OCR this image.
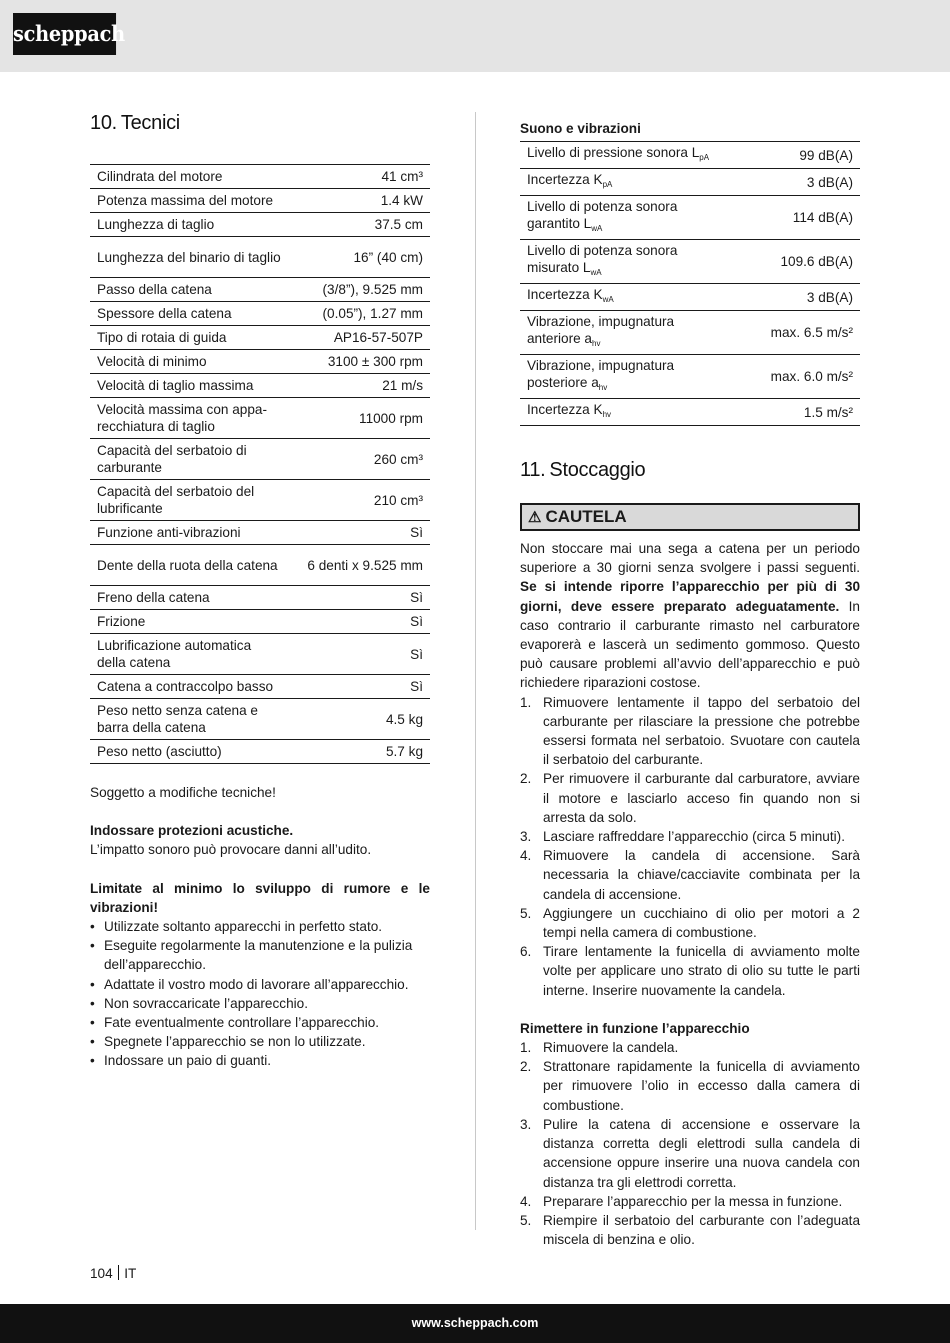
scheppach
10. Tecnici
Cilindrata del motore	41 cm³
Potenza massima del motore	1.4 kW
Lunghezza di taglio	37.5 cm
Lunghezza del binario di taglio	16” (40 cm)
Passo della catena	(3/8”), 9.525 mm
Spessore della catena	(0.05”), 1.27 mm
Tipo di rotaia di guida	AP16-57-507P
Velocità di minimo	3100 ± 300 rpm
Velocità di taglio massima	21 m/s
Velocità massima con appa-recchiatura di taglio	11000 rpm
Capacità del serbatoio di carburante	260 cm³
Capacità del serbatoio del lubrificante	210 cm³
Funzione anti-vibrazioni	Sì
Dente della ruota della catena	6 denti x 9.525 mm
Freno della catena	Sì
Frizione	Sì
Lubrificazione automatica della catena	Sì
Catena a contraccolpo basso	Sì
Peso netto senza catena e barra della catena	4.5 kg
Peso netto (asciutto)	5.7 kg
Soggetto a modifiche tecniche!
Indossare protezioni acustiche.
L’impatto sonoro può provocare danni all’udito.
Limitate al minimo lo sviluppo di rumore e le vibrazioni!
• Utilizzate soltanto apparecchi in perfetto stato.
• Eseguite regolarmente la manutenzione e la pulizia dell’apparecchio.
• Adattate il vostro modo di lavorare all’apparecchio.
• Non sovraccaricate l’apparecchio.
• Fate eventualmente controllare l’apparecchio.
• Spegnete l’apparecchio se non lo utilizzate.
• Indossare un paio di guanti.
Suono e vibrazioni
Livello di pressione sonora $L_{pA}$	99 dB(A)
Incertezza $K_{pA}$	3 dB(A)
Livello di potenza sonora garantito $L_{wA}$	114 dB(A)
Livello di potenza sonora misurato $L_{wA}$	109.6 dB(A)
Incertezza $K_{wA}$	3 dB(A)
Vibrazione, impugnatura anteriore $a_{hv}$	max. 6.5 m/s²
Vibrazione, impugnatura posteriore $a_{hv}$	max. 6.0 m/s²
Incertezza $K_{hv}$	1.5 m/s²
11. Stoccaggio
⚠ CAUTELA
Non stoccare mai una sega a catena per un periodo superiore a 30 giorni senza svolgere i passi seguenti. Se si intende riporre l’apparecchio per più di 30 giorni, deve essere preparato adeguatamente. In caso contrario il carburante rimasto nel carburatore evaporerà e lascerà un sedimento gommoso. Questo può causare problemi all’avvio dell’apparecchio e può richiedere riparazioni costose.
1. Rimuovere lentamente il tappo del serbatoio del carburante per rilasciare la pressione che potrebbe essersi formata nel serbatoio. Svuotare con cautela il serbatoio del carburante.
2. Per rimuovere il carburante dal carburatore, avviare il motore e lasciarlo acceso fin quando non si arresta da solo.
3. Lasciare raffreddare l’apparecchio (circa 5 minuti).
4. Rimuovere la candela di accensione. Sarà necessaria la chiave/cacciavite combinata per la candela di accensione.
5. Aggiungere un cucchiaino di olio per motori a 2 tempi nella camera di combustione.
6. Tirare lentamente la funicella di avviamento molte volte per applicare uno strato di olio su tutte le parti interne. Inserire nuovamente la candela.
Rimettere in funzione l’apparecchio
1. Rimuovere la candela.
2. Strattonare rapidamente la funicella di avviamento per rimuovere l’olio in eccesso dalla camera di combustione.
3. Pulire la catena di accensione e osservare la distanza corretta degli elettrodi sulla candela di accensione oppure inserire una nuova candela con distanza tra gli elettrodi corretta.
4. Preparare l’apparecchio per la messa in funzione.
5. Riempire il serbatoio del carburante con l’adeguata miscela di benzina e olio.
104 IT
www.scheppach.com
